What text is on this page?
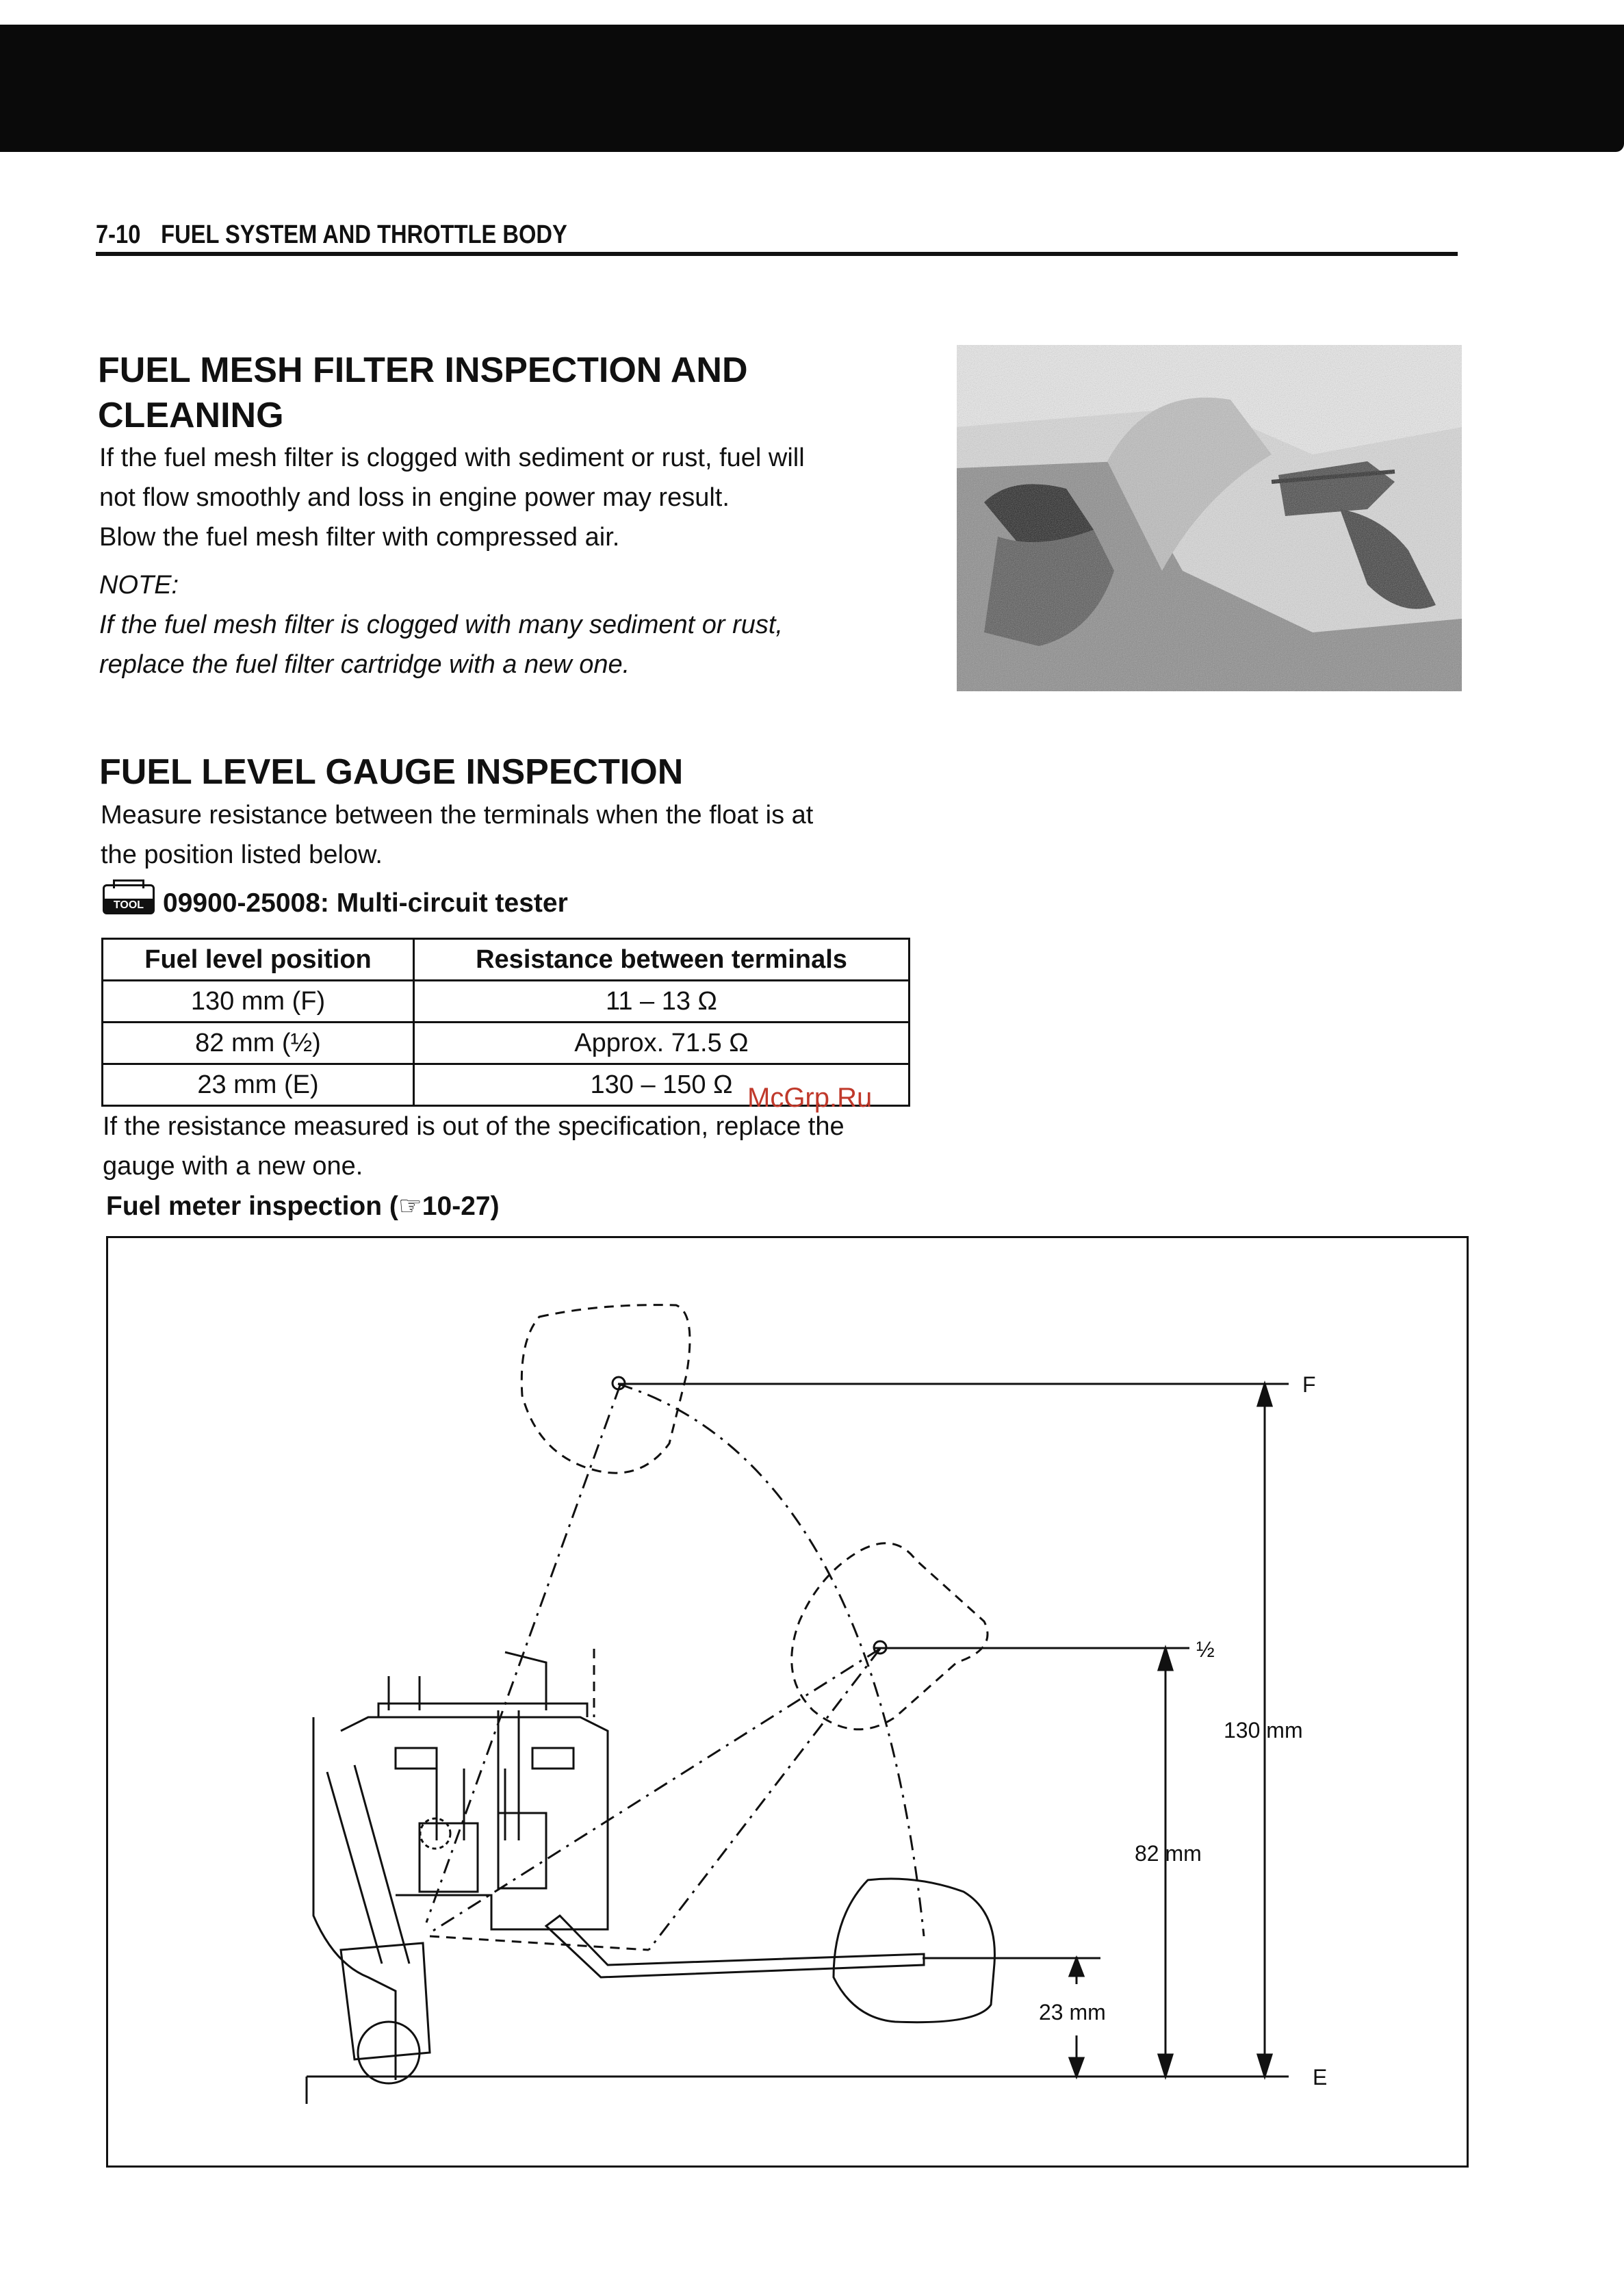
7-10 FUEL SYSTEM AND THROTTLE BODY
FUEL MESH FILTER INSPECTION AND
CLEANING
If the fuel mesh filter is clogged with sediment or rust, fuel will
not flow smoothly and loss in engine power may result.
Blow the fuel mesh filter with compressed air.
NOTE:
If the fuel mesh filter is clogged with many sediment or rust,
replace the fuel filter cartridge with a new one.
FUEL LEVEL GAUGE INSPECTION
Measure resistance between the terminals when the float is at
the position listed below.
TOOL 09900-25008: Multi-circuit tester
Fuel level position	Resistance between terminals
130 mm (F)	11 – 13 Ω
82 mm (½)	Approx. 71.5 Ω
23 mm (E)	130 – 150 Ω
If the resistance measured is out of the specification, replace the
gauge with a new one.
McGrp.Ru
Fuel meter inspection (☞10-27)
F
½
E
130 mm
82 mm
23 mm
